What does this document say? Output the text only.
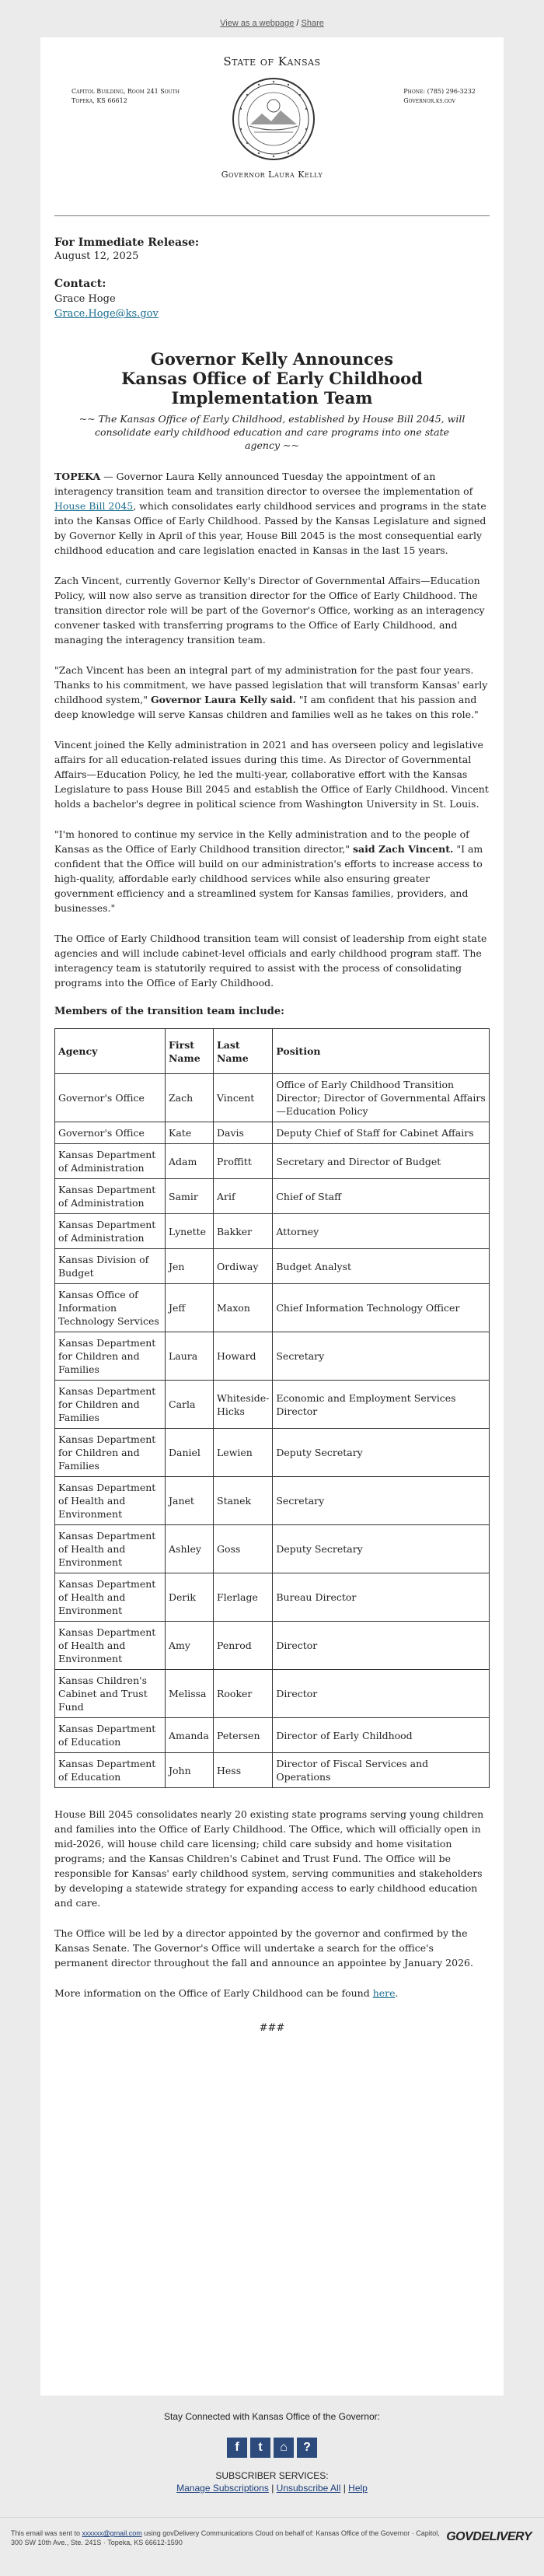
View as a webpage / Share
State of Kansas
Capitol Building, Room 241 South
Topeka, KS 66612
Phone: (785) 296-3232
Governor.ks.gov
Governor Laura Kelly
For Immediate Release:
August 12, 2025
Contact:
Grace Hoge
Grace.Hoge@ks.gov
Governor Kelly Announces
Kansas Office of Early Childhood
Implementation Team
~~ The Kansas Office of Early Childhood, established by House Bill 2045, will consolidate early childhood education and care programs into one state agency ~~

TOPEKA — Governor Laura Kelly announced Tuesday the appointment of an interagency transition team and transition director to oversee the implementation of House Bill 2045, which consolidates early childhood services and programs in the state into the Kansas Office of Early Childhood. Passed by the Kansas Legislature and signed by Governor Kelly in April of this year, House Bill 2045 is the most consequential early childhood education and care legislation enacted in Kansas in the last 15 years.

Zach Vincent, currently Governor Kelly's Director of Governmental Affairs—Education Policy, will now also serve as transition director for the Office of Early Childhood. The transition director role will be part of the Governor's Office, working as an interagency convener tasked with transferring programs to the Office of Early Childhood, and managing the interagency transition team.

"Zach Vincent has been an integral part of my administration for the past four years. Thanks to his commitment, we have passed legislation that will transform Kansas' early childhood system," Governor Laura Kelly said. "I am confident that his passion and deep knowledge will serve Kansas children and families well as he takes on this role."

Vincent joined the Kelly administration in 2021 and has overseen policy and legislative affairs for all education-related issues during this time. As Director of Governmental Affairs—Education Policy, he led the multi-year, collaborative effort with the Kansas Legislature to pass House Bill 2045 and establish the Office of Early Childhood. Vincent holds a bachelor's degree in political science from Washington University in St. Louis.

"I'm honored to continue my service in the Kelly administration and to the people of Kansas as the Office of Early Childhood transition director," said Zach Vincent. "I am confident that the Office will build on our administration's efforts to increase access to high-quality, affordable early childhood services while also ensuring greater government efficiency and a streamlined system for Kansas families, providers, and businesses."

The Office of Early Childhood transition team will consist of leadership from eight state agencies and will include cabinet-level officials and early childhood program staff. The interagency team is statutorily required to assist with the process of consolidating programs into the Office of Early Childhood.

Members of the transition team include:
Agency	First Name	Last Name	Position
Governor's Office	Zach	Vincent	Office of Early Childhood Transition Director; Director of Governmental Affairs—Education Policy
Governor's Office	Kate	Davis	Deputy Chief of Staff for Cabinet Affairs
Kansas Department of Administration	Adam	Proffitt	Secretary and Director of Budget
Kansas Department of Administration	Samir	Arif	Chief of Staff
Kansas Department of Administration	Lynette	Bakker	Attorney
Kansas Division of Budget	Jen	Ordiway	Budget Analyst
Kansas Office of Information Technology Services	Jeff	Maxon	Chief Information Technology Officer
Kansas Department for Children and Families	Laura	Howard	Secretary
Kansas Department for Children and Families	Carla	Whiteside-Hicks	Economic and Employment Services Director
Kansas Department for Children and Families	Daniel	Lewien	Deputy Secretary
Kansas Department of Health and Environment	Janet	Stanek	Secretary
Kansas Department of Health and Environment	Ashley	Goss	Deputy Secretary
Kansas Department of Health and Environment	Derik	Flerlage	Bureau Director
Kansas Department of Health and Environment	Amy	Penrod	Director
Kansas Children's Cabinet and Trust Fund	Melissa	Rooker	Director
Kansas Department of Education	Amanda	Petersen	Director of Early Childhood
Kansas Department of Education	John	Hess	Director of Fiscal Services and Operations

House Bill 2045 consolidates nearly 20 existing state programs serving young children and families into the Office of Early Childhood. The Office, which will officially open in mid-2026, will house child care licensing; child care subsidy and home visitation programs; and the Kansas Children's Cabinet and Trust Fund. The Office will be responsible for Kansas' early childhood system, serving communities and stakeholders by developing a statewide strategy for expanding access to early childhood education and care.

The Office will be led by a director appointed by the governor and confirmed by the Kansas Senate. The Governor's Office will undertake a search for the office's permanent director throughout the fall and announce an appointee by January 2026.

More information on the Office of Early Childhood can be found here.

###
Stay Connected with Kansas Office of the Governor:
f t ⌂ ?
SUBSCRIBER SERVICES:
Manage Subscriptions | Unsubscribe All | Help
This email was sent to xxxxxx@gmail.com using govDelivery Communications Cloud on behalf of: Kansas Office of the Governor · Capitol, 300 SW 10th Ave., Ste. 241S · Topeka, KS 66612-1590	GOVDELIVERY
